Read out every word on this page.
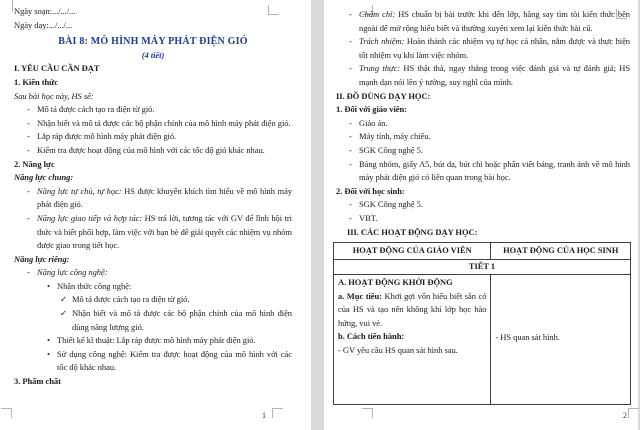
Ngày soạn:.../.../...
Ngày dạy:.../.../...
BÀI 8: MÔ HÌNH MÁY PHÁT ĐIỆN GIÓ
(4 tiết)
I. YÊU CẦU CẦN ĐẠT
1. Kiến thức
Sau bài học này, HS sẽ:
- Mô tả được cách tạo ra điện từ gió.
- Nhận biết và mô tả được các bộ phận chính của mô hình máy phát điện gió.
- Lắp ráp được mô hình máy phát điện gió.
- Kiểm tra được hoạt động của mô hình với các tốc độ gió khác nhau.
2. Năng lực
Năng lực chung:
- Năng lực tự chủ, tự học: HS được khuyến khích tìm hiểu về mô hình máy phát điện gió.
- Năng lực giao tiếp và hợp tác: HS trả lời, tương tác với GV để lĩnh hội tri thức và biết phối hợp, làm việc với bạn bè để giải quyết các nhiệm vụ nhóm được giao trong tiết học.
Năng lực riêng:
- Năng lực công nghệ:
• Nhận thức công nghệ:
✓ Mô tả được cách tạo ra điện từ gió.
✓ Nhận biết và mô tả được các bộ phận chính của mô hình điện dùng năng lượng gió.
• Thiết kế kĩ thuật: Lắp ráp được mô hình máy phát điện gió.
• Sử dụng công nghệ: Kiểm tra được hoạt động của mô hình với các tốc độ khác nhau.
3. Phẩm chất
1
- Chăm chỉ: HS chuẩn bị bài trước khi đến lớp, hăng say tìm tòi kiến thức bên ngoài để mở rộng hiểu biết và thường xuyên xem lại kiến thức bài cũ.
- Trách nhiệm: Hoàn thành các nhiệm vụ tự học cá nhân, nắm được và thực hiện tốt nhiệm vụ khi làm việc nhóm.
- Trung thực: HS thật thà, ngay thẳng trong việc đánh giá và tự đánh giá; HS mạnh dạn nói lên ý tưởng, suy nghĩ của mình.
II. ĐỒ DÙNG DẠY HỌC:
1. Đối với giáo viên:
- Giáo án.
- Máy tính, máy chiếu.
- SGK Công nghệ 5.
- Bảng nhóm, giấy A5, bút dạ, bút chì hoặc phấn viết bảng, tranh ảnh về mô hình máy phát điện gió có liên quan trong bài học.
2. Đối với học sinh:
- SGK Công nghệ 5.
- VBT.
III. CÁC HOẠT ĐỘNG DẠY HỌC:
HOẠT ĐỘNG CỦA GIÁO VIÊN	HOẠT ĐỘNG CỦA HỌC SINH
TIẾT 1	

A. HOẠT ĐỘNG KHỞI ĐỘNG
a. Mục tiêu: Khơi gợi vốn hiểu biết sẵn có của HS và tạo nên không khí lớp học hào hứng, vui vẻ.
b. Cách tiến hành:
- GV yêu cầu HS quan sát hình sau.	- HS quan sát hình.
2
